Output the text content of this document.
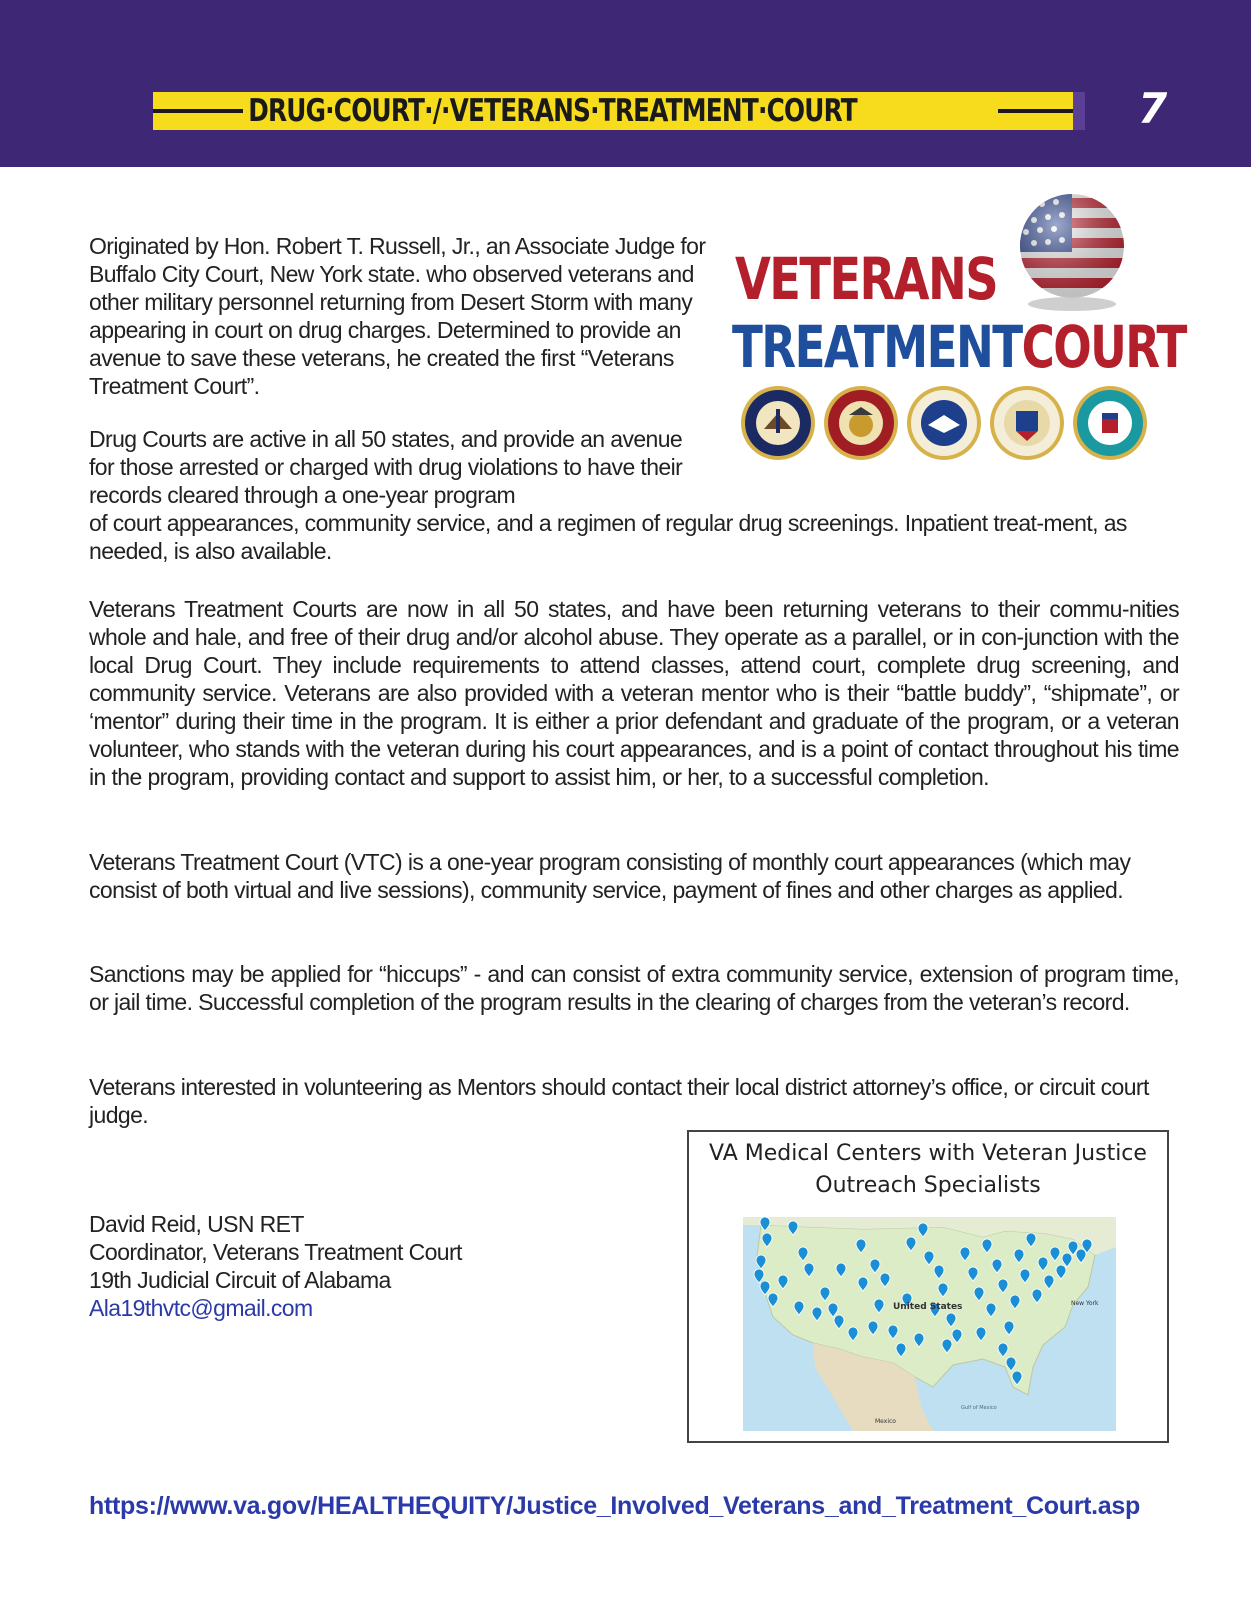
DRUG·COURT·/·VETERANS·TREATMENT·COURT	7
VETERANS
TREATMENTCOURT

Originated by Hon. Robert T. Russell, Jr., an Associate Judge for Buffalo City Court, New York state. who observed veterans and other military personnel returning from Desert Storm with many appearing in court on drug charges. Determined to provide an avenue to save these veterans, he created the first “Veterans Treatment Court”.

Drug Courts are active in all 50 states, and provide an avenue for those arrested or charged with drug violations to have their records cleared through a one-year program
of court appearances, community service, and a regimen of regular drug screenings. Inpatient treat-ment, as needed, is also available.

Veterans Treatment Courts are now in all 50 states, and have been returning veterans to their commu-nities whole and hale, and free of their drug and/or alcohol abuse. They operate as a parallel, or in con-junction with the local Drug Court. They include requirements to attend classes, attend court, complete drug screening, and community service. Veterans are also provided with a veteran mentor who is their “battle buddy”, “shipmate”, or ‘mentor” during their time in the program. It is either a prior defendant and graduate of the program, or a veteran volunteer, who stands with the veteran during his court appearances, and is a point of contact throughout his time in the program, providing contact and support to assist him, or her, to a successful completion.

Veterans Treatment Court (VTC) is a one-year program consisting of monthly court appearances (which may consist of both virtual and live sessions), community service, payment of fines and other charges as applied.

Sanctions may be applied for “hiccups” - and can consist of extra community service, extension of program time, or jail time. Successful completion of the program results in the clearing of charges from the veteran’s record.

Veterans interested in volunteering as Mentors should contact their local district attorney’s office, or circuit court judge.

David Reid, USN RET
Coordinator, Veterans Treatment Court
19th Judicial Circuit of Alabama
Ala19thvtc@gmail.com
VA Medical Centers with Veteran Justice
Outreach Specialists
United States	New York
Mexico
Gulf of Mexico
https://www.va.gov/HEALTHEQUITY/Justice_Involved_Veterans_and_Treatment_Court.asp
